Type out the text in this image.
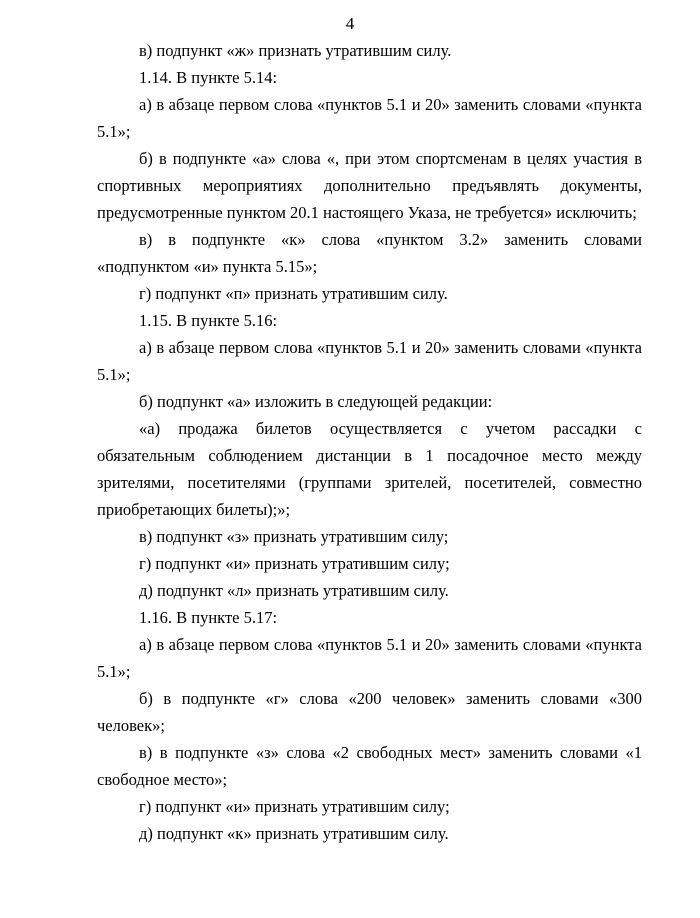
4

в) подпункт «ж» признать утратившим силу.

1.14. В пункте 5.14:

а) в абзаце первом слова «пунктов 5.1 и 20» заменить словами «пункта 5.1»;

б) в подпункте «а» слова «, при этом спортсменам в целях участия в спортивных мероприятиях дополнительно предъявлять документы, предусмотренные пунктом 20.1 настоящего Указа, не требуется» исключить;

в) в подпункте «к» слова «пунктом 3.2» заменить словами «подпунктом «и» пункта 5.15»;

г) подпункт «п» признать утратившим силу.

1.15. В пункте 5.16:

а) в абзаце первом слова «пунктов 5.1 и 20» заменить словами «пункта 5.1»;

б) подпункт «а» изложить в следующей редакции:

«а) продажа билетов осуществляется с учетом рассадки с обязательным соблюдением дистанции в 1 посадочное место между зрителями, посетителями (группами зрителей, посетителей, совместно приобретающих билеты);»;

в) подпункт «з» признать утратившим силу;

г) подпункт «и» признать утратившим силу;

д) подпункт «л» признать утратившим силу.

1.16. В пункте 5.17:

а) в абзаце первом слова «пунктов 5.1 и 20» заменить словами «пункта 5.1»;

б) в подпункте «г» слова «200 человек» заменить словами «300 человек»;

в) в подпункте «з» слова «2 свободных мест» заменить словами «1 свободное место»;

г) подпункт «и» признать утратившим силу;

д) подпункт «к» признать утратившим силу.
